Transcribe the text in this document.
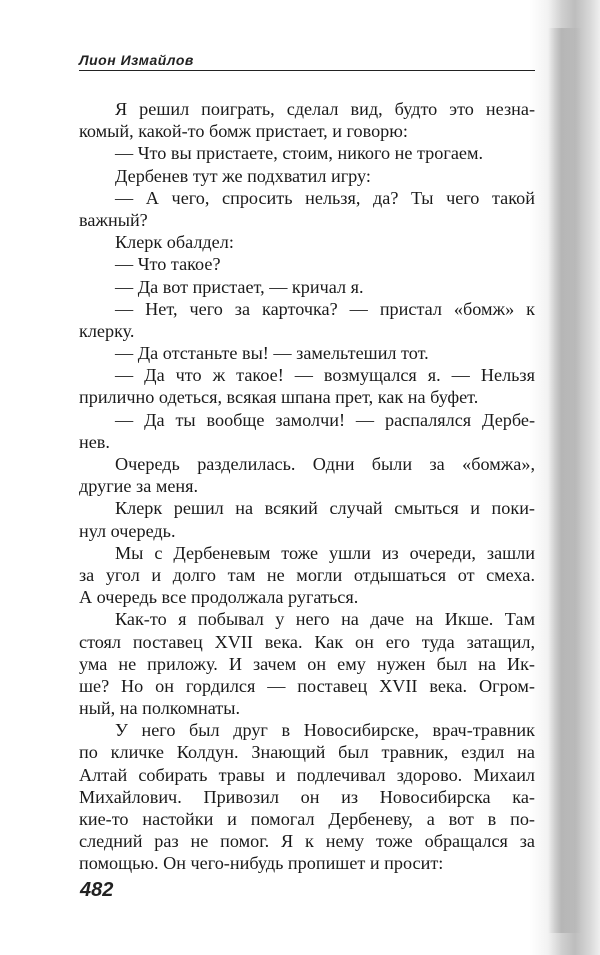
Лион Измайлов
Я решил поиграть, сделал вид, будто это незна-
комый, какой-то бомж пристает, и говорю:
— Что вы пристаете, стоим, никого не трогаем.
Дербенев тут же подхватил игру:
— А чего, спросить нельзя, да? Ты чего такой
важный?
Клерк обалдел:
— Что такое?
— Да вот пристает, — кричал я.
— Нет, чего за карточка? — пристал «бомж» к
клерку.
— Да отстаньте вы! — замельтешил тот.
— Да что ж такое! — возмущался я. — Нельзя
прилично одеться, всякая шпана прет, как на буфет.
— Да ты вообще замолчи! — распалялся Дербе-
нев.
Очередь разделилась. Одни были за «бомжа»,
другие за меня.
Клерк решил на всякий случай смыться и поки-
нул очередь.
Мы с Дербеневым тоже ушли из очереди, зашли
за угол и долго там не могли отдышаться от смеха.
А очередь все продолжала ругаться.
Как-то я побывал у него на даче на Икше. Там
стоял поставец XVII века. Как он его туда затащил,
ума не приложу. И зачем он ему нужен был на Ик-
ше? Но он гордился — поставец XVII века. Огром-
ный, на полкомнаты.
У него был друг в Новосибирске, врач-травник
по кличке Колдун. Знающий был травник, ездил на
Алтай собирать травы и подлечивал здорово. Михаил
Михайлович. Привозил он из Новосибирска ка-
кие-то настойки и помогал Дербеневу, а вот в по-
следний раз не помог. Я к нему тоже обращался за
помощью. Он чего-нибудь пропишет и просит:
482
